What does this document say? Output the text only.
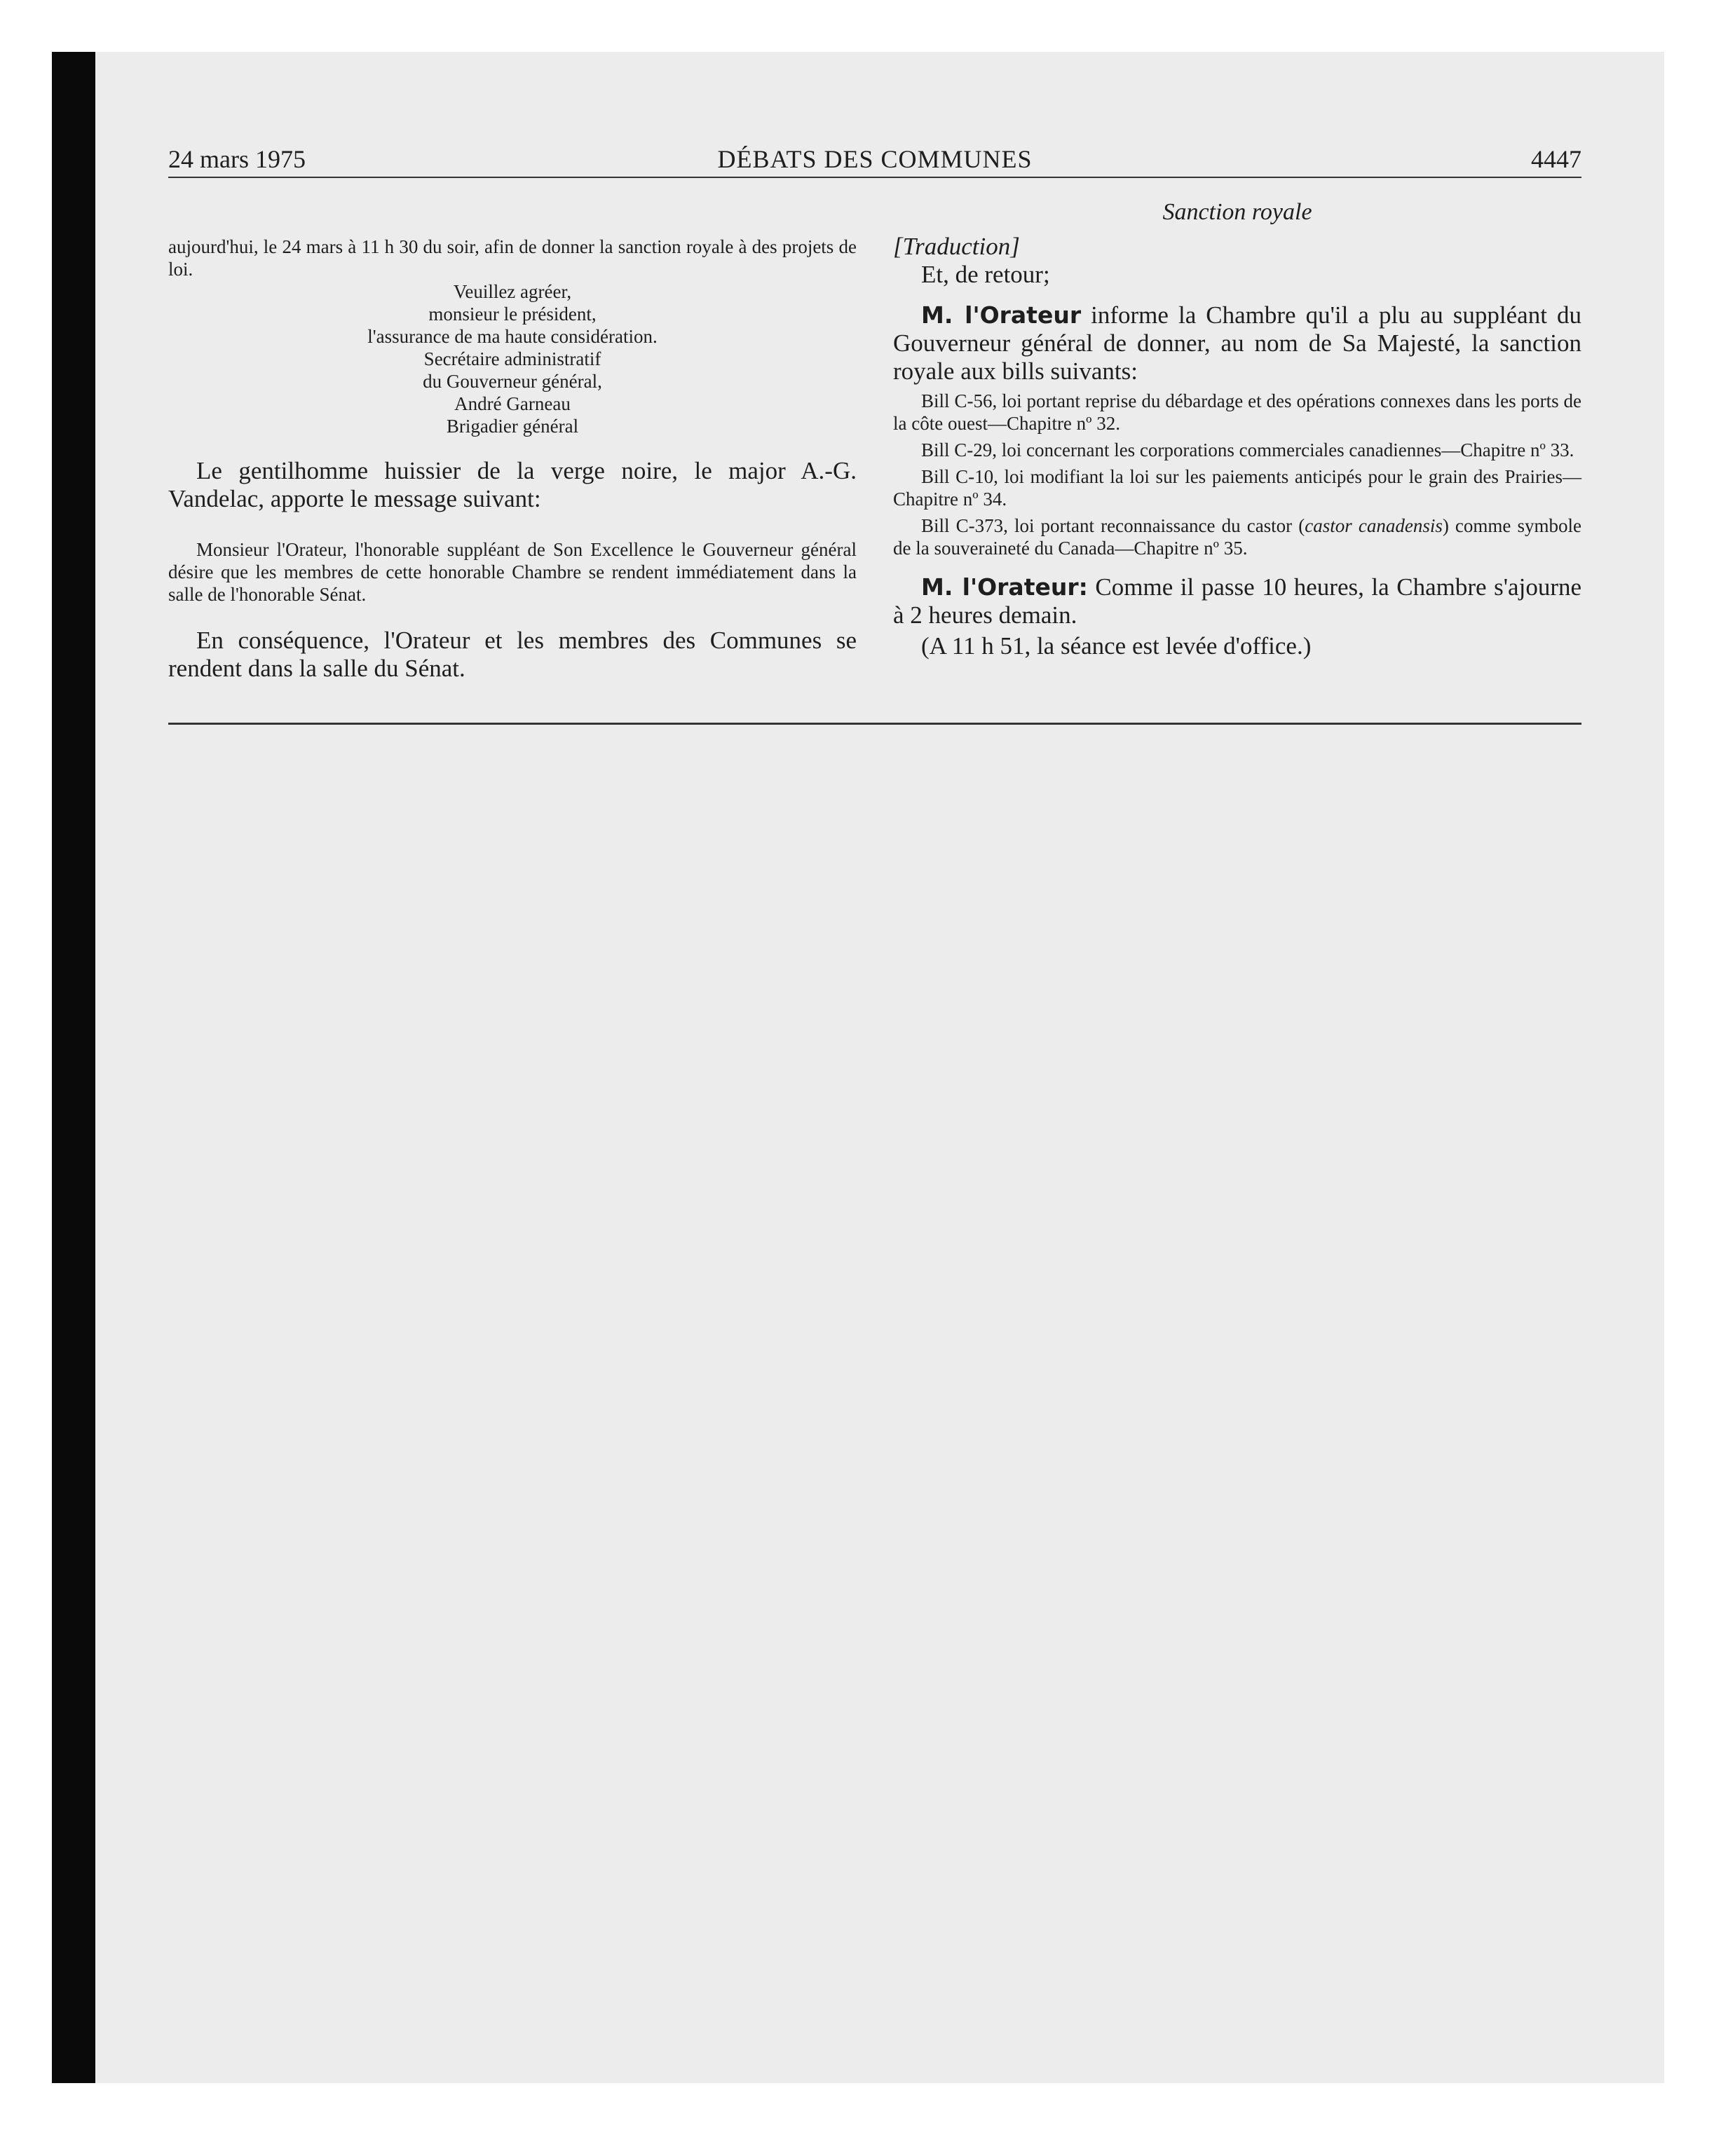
24 mars 1975	DÉBATS DES COMMUNES	4447

aujourd'hui, le 24 mars à 11 h 30 du soir, afin de donner la sanction royale à des projets de loi.

Veuillez agréer,

monsieur le président,

l'assurance de ma haute considération.

Secrétaire administratif

du Gouverneur général,

André Garneau

Brigadier général

Le gentilhomme huissier de la verge noire, le major A.-G. Vandelac, apporte le message suivant:

Monsieur l'Orateur, l'honorable suppléant de Son Excellence le Gouverneur général désire que les membres de cette honorable Chambre se rendent immédiatement dans la salle de l'honorable Sénat.

En conséquence, l'Orateur et les membres des Communes se rendent dans la salle du Sénat.

Sanction royale

[Traduction]

Et, de retour;

M. l'Orateur informe la Chambre qu'il a plu au suppléant du Gouverneur général de donner, au nom de Sa Majesté, la sanction royale aux bills suivants:

Bill C-56, loi portant reprise du débardage et des opérations connexes dans les ports de la côte ouest—Chapitre nº 32.

Bill C-29, loi concernant les corporations commerciales canadiennes—Chapitre nº 33.

Bill C-10, loi modifiant la loi sur les paiements anticipés pour le grain des Prairies—Chapitre nº 34.

Bill C-373, loi portant reconnaissance du castor (castor canadensis) comme symbole de la souveraineté du Canada—Chapitre nº 35.

M. l'Orateur: Comme il passe 10 heures, la Chambre s'ajourne à 2 heures demain.

(A 11 h 51, la séance est levée d'office.)
